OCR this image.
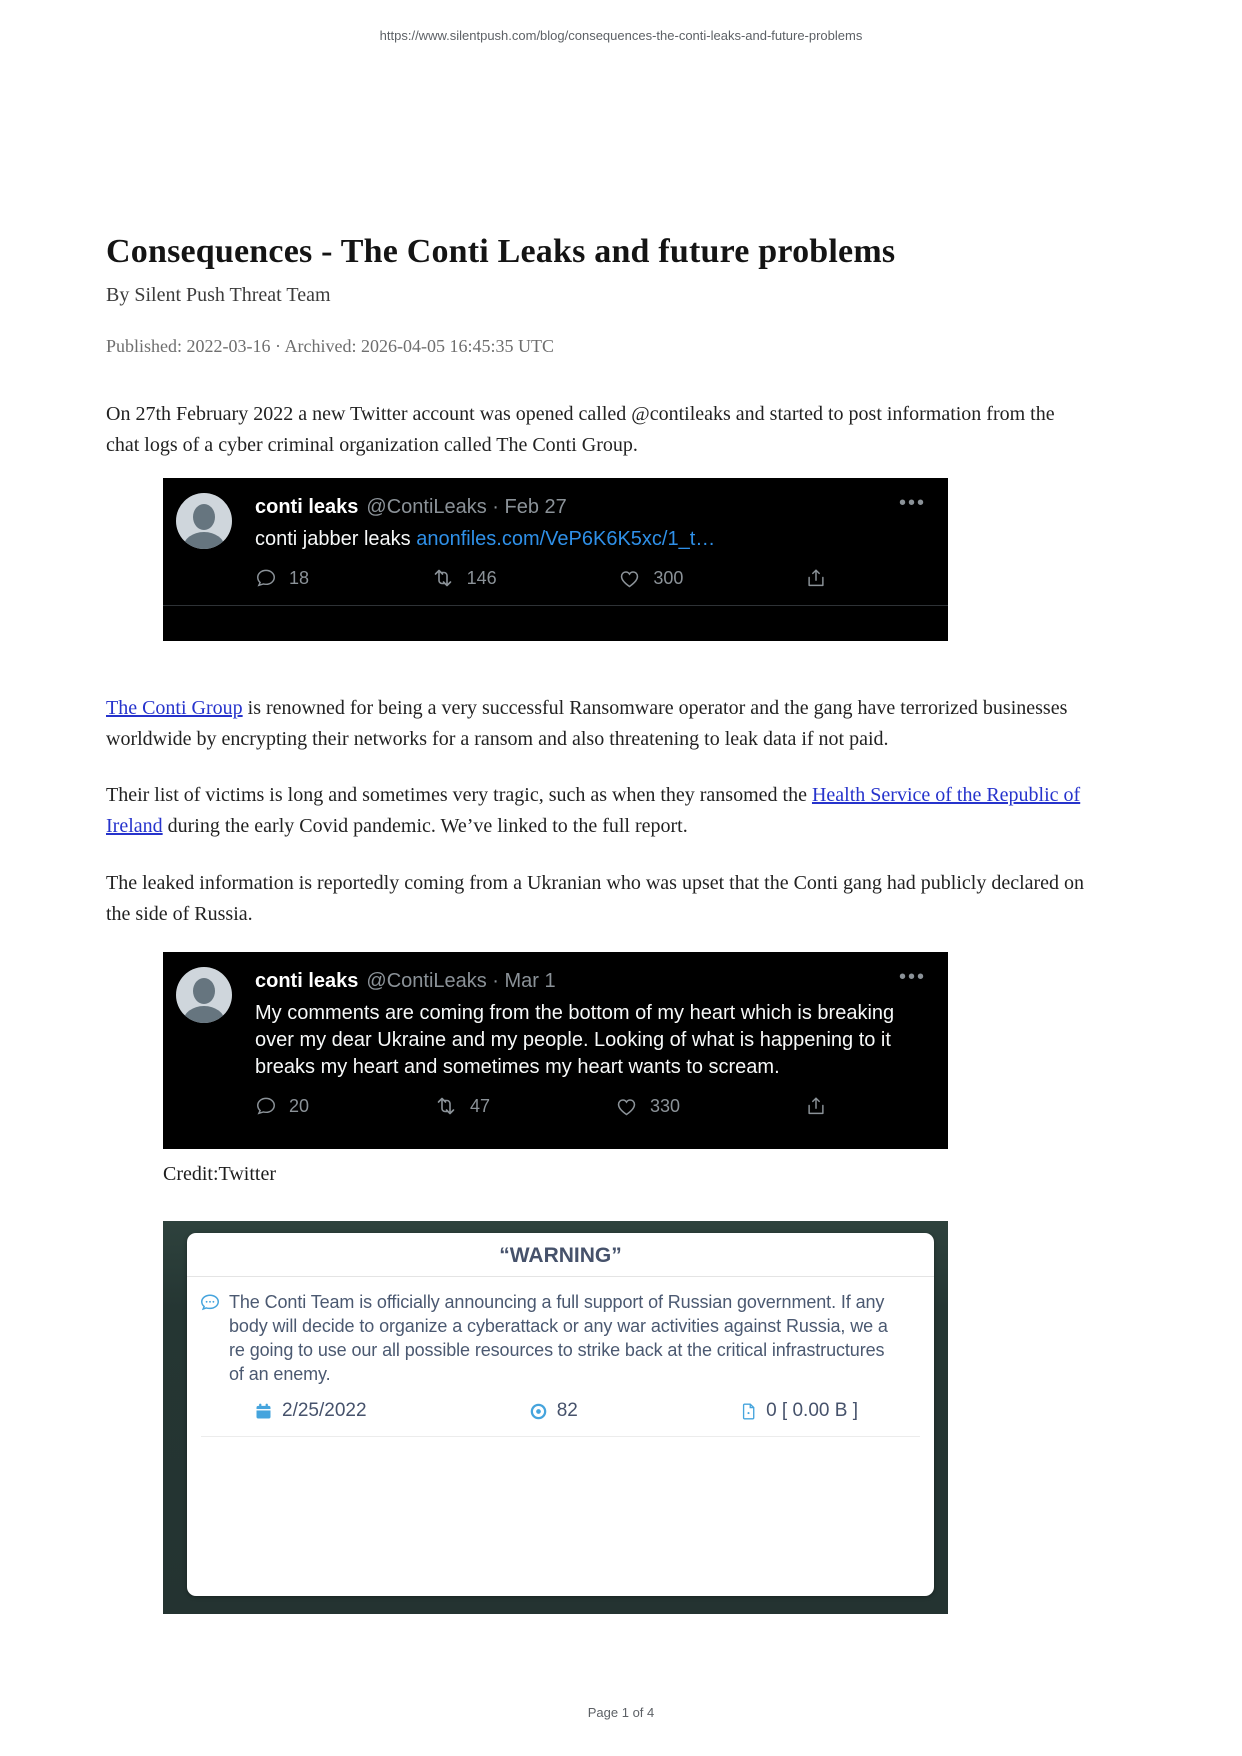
https://www.silentpush.com/blog/consequences-the-conti-leaks-and-future-problems
Consequences - The Conti Leaks and future problems
By Silent Push Threat Team
Published: 2022-03-16 · Archived: 2026-04-05 16:45:35 UTC

On 27th February 2022 a new Twitter account was opened called @contileaks and started to post information from the chat logs of a cyber criminal organization called The Conti Group.

•••
conti leaks @ContiLeaks · Feb 27
conti jabber leaks anonfiles.com/VeP6K6K5xc/1_t…
18	146	300

The Conti Group is renowned for being a very successful Ransomware operator and the gang have terrorized businesses worldwide by encrypting their networks for a ransom and also threatening to leak data if not paid.

Their list of victims is long and sometimes very tragic, such as when they ransomed the Health Service of the Republic of Ireland during the early Covid pandemic. We’ve linked to the full report.

The leaked information is reportedly coming from a Ukranian who was upset that the Conti gang had publicly declared on the side of Russia.

•••
conti leaks @ContiLeaks · Mar 1
My comments are coming from the bottom of my heart which is breaking
over my dear Ukraine and my people. Looking of what is happening to it
breaks my heart and sometimes my heart wants to scream.
20	47	330
Credit:Twitter
“WARNING”
The Conti Team is officially announcing a full support of Russian government. If any
body will decide to organize a cyberattack or any war activities against Russia, we a
re going to use our all possible resources to strike back at the critical infrastructures
of an enemy.
2/25/2022	82	0 [ 0.00 B ]
Page 1 of 4
